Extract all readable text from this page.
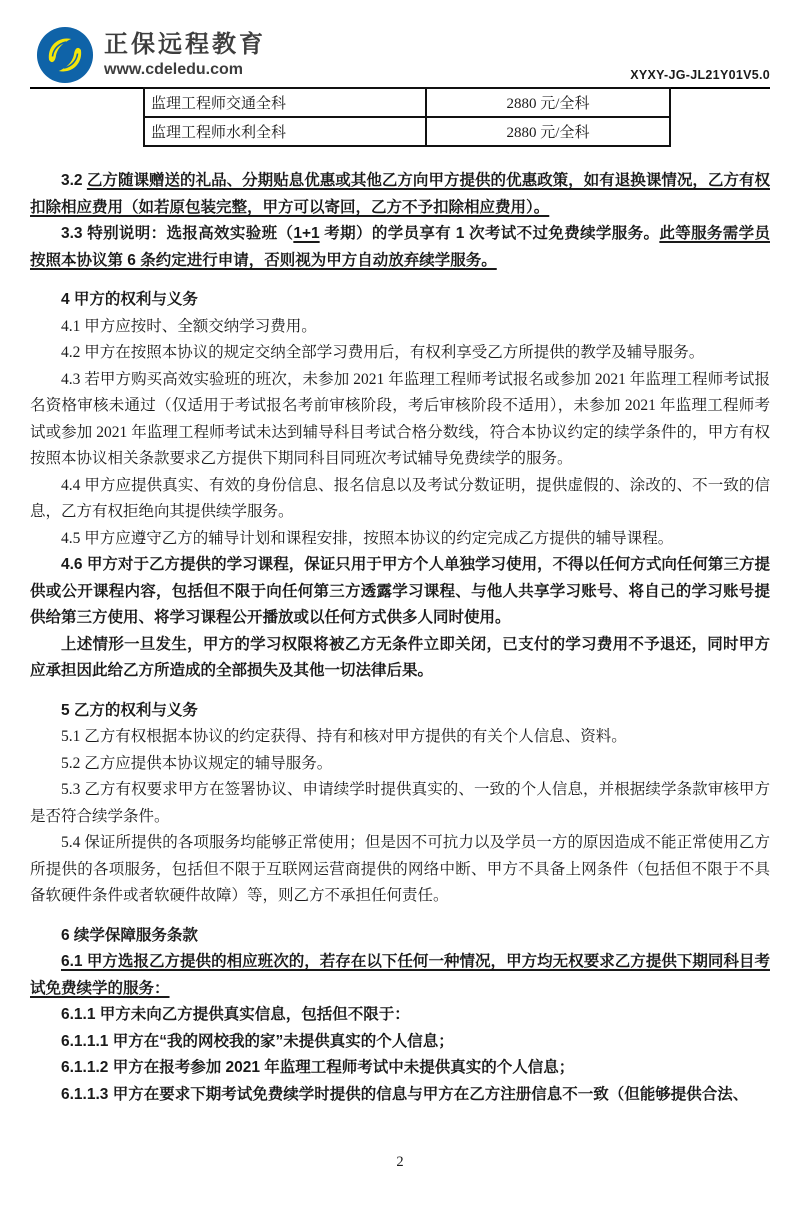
正保远程教育
www.cdeledu.com	XYXY-JG-JL21Y01V5.0
监理工程师交通全科	2880 元/全科
监理工程师水利全科	2880 元/全科

3.2 乙方随课赠送的礼品、分期贴息优惠或其他乙方向甲方提供的优惠政策，如有退换课情况，乙方有权扣除相应费用（如若原包装完整，甲方可以寄回，乙方不予扣除相应费用）。

3.3 特别说明：选报高效实验班（1+1 考期）的学员享有 1 次考试不过免费续学服务。此等服务需学员按照本协议第 6 条约定进行申请，否则视为甲方自动放弃续学服务。

4 甲方的权利与义务

4.1 甲方应按时、全额交纳学习费用。

4.2 甲方在按照本协议的规定交纳全部学习费用后，有权利享受乙方所提供的教学及辅导服务。

4.3 若甲方购买高效实验班的班次，未参加 2021 年监理工程师考试报名或参加 2021 年监理工程师考试报名资格审核未通过（仅适用于考试报名考前审核阶段，考后审核阶段不适用），未参加 2021 年监理工程师考试或参加 2021 年监理工程师考试未达到辅导科目考试合格分数线，符合本协议约定的续学条件的，甲方有权按照本协议相关条款要求乙方提供下期同科目同班次考试辅导免费续学的服务。

4.4 甲方应提供真实、有效的身份信息、报名信息以及考试分数证明，提供虚假的、涂改的、不一致的信息，乙方有权拒绝向其提供续学服务。

4.5 甲方应遵守乙方的辅导计划和课程安排，按照本协议的约定完成乙方提供的辅导课程。

4.6 甲方对于乙方提供的学习课程，保证只用于甲方个人单独学习使用，不得以任何方式向任何第三方提供或公开课程内容，包括但不限于向任何第三方透露学习课程、与他人共享学习账号、将自己的学习账号提供给第三方使用、将学习课程公开播放或以任何方式供多人同时使用。

上述情形一旦发生，甲方的学习权限将被乙方无条件立即关闭，已支付的学习费用不予退还，同时甲方应承担因此给乙方所造成的全部损失及其他一切法律后果。

5 乙方的权利与义务

5.1 乙方有权根据本协议的约定获得、持有和核对甲方提供的有关个人信息、资料。

5.2 乙方应提供本协议规定的辅导服务。

5.3 乙方有权要求甲方在签署协议、申请续学时提供真实的、一致的个人信息，并根据续学条款审核甲方是否符合续学条件。

5.4 保证所提供的各项服务均能够正常使用；但是因不可抗力以及学员一方的原因造成不能正常使用乙方所提供的各项服务，包括但不限于互联网运营商提供的网络中断、甲方不具备上网条件（包括但不限于不具备软硬件条件或者软硬件故障）等，则乙方不承担任何责任。

6 续学保障服务条款

6.1 甲方选报乙方提供的相应班次的，若存在以下任何一种情况，甲方均无权要求乙方提供下期同科目考试免费续学的服务：

6.1.1 甲方未向乙方提供真实信息，包括但不限于：

6.1.1.1 甲方在“我的网校我的家”未提供真实的个人信息；

6.1.1.2 甲方在报考参加 2021 年监理工程师考试中未提供真实的个人信息；

6.1.1.3 甲方在要求下期考试免费续学时提供的信息与甲方在乙方注册信息不一致（但能够提供合法、

2
